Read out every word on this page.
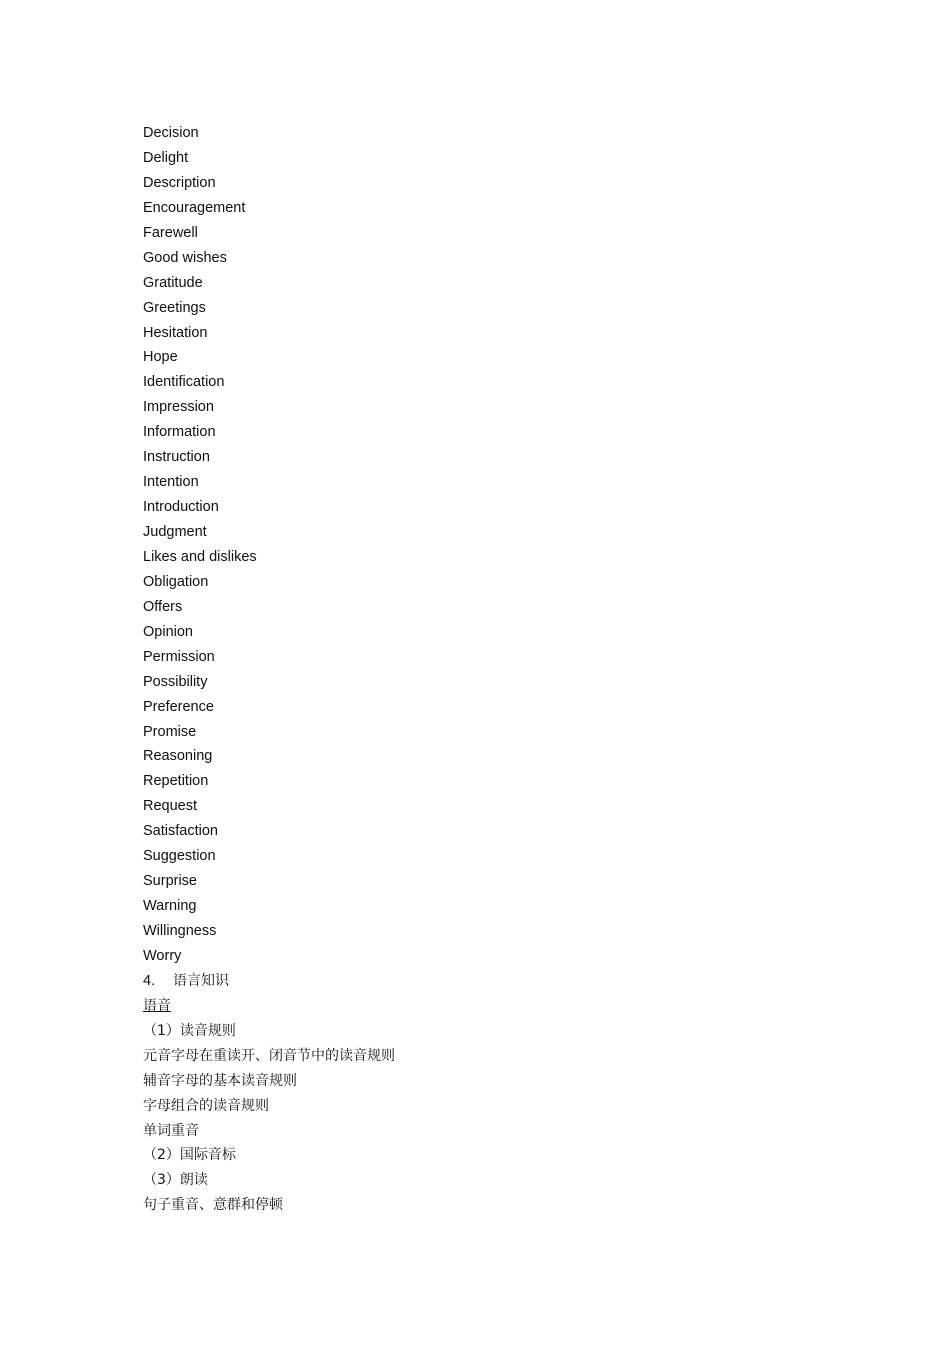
Decision
Delight
Description
Encouragement
Farewell
Good wishes
Gratitude
Greetings
Hesitation
Hope
Identification
Impression
Information
Instruction
Intention
Introduction
Judgment
Likes and dislikes
Obligation
Offers
Opinion
Permission
Possibility
Preference
Promise
Reasoning
Repetition
Request
Satisfaction
Suggestion
Surprise
Warning
Willingness
Worry
4. 语言知识
语音
（1）读音规则
元音字母在重读开、闭音节中的读音规则
辅音字母的基本读音规则
字母组合的读音规则
单词重音
（2）国际音标
（3）朗读
句子重音、意群和停顿
